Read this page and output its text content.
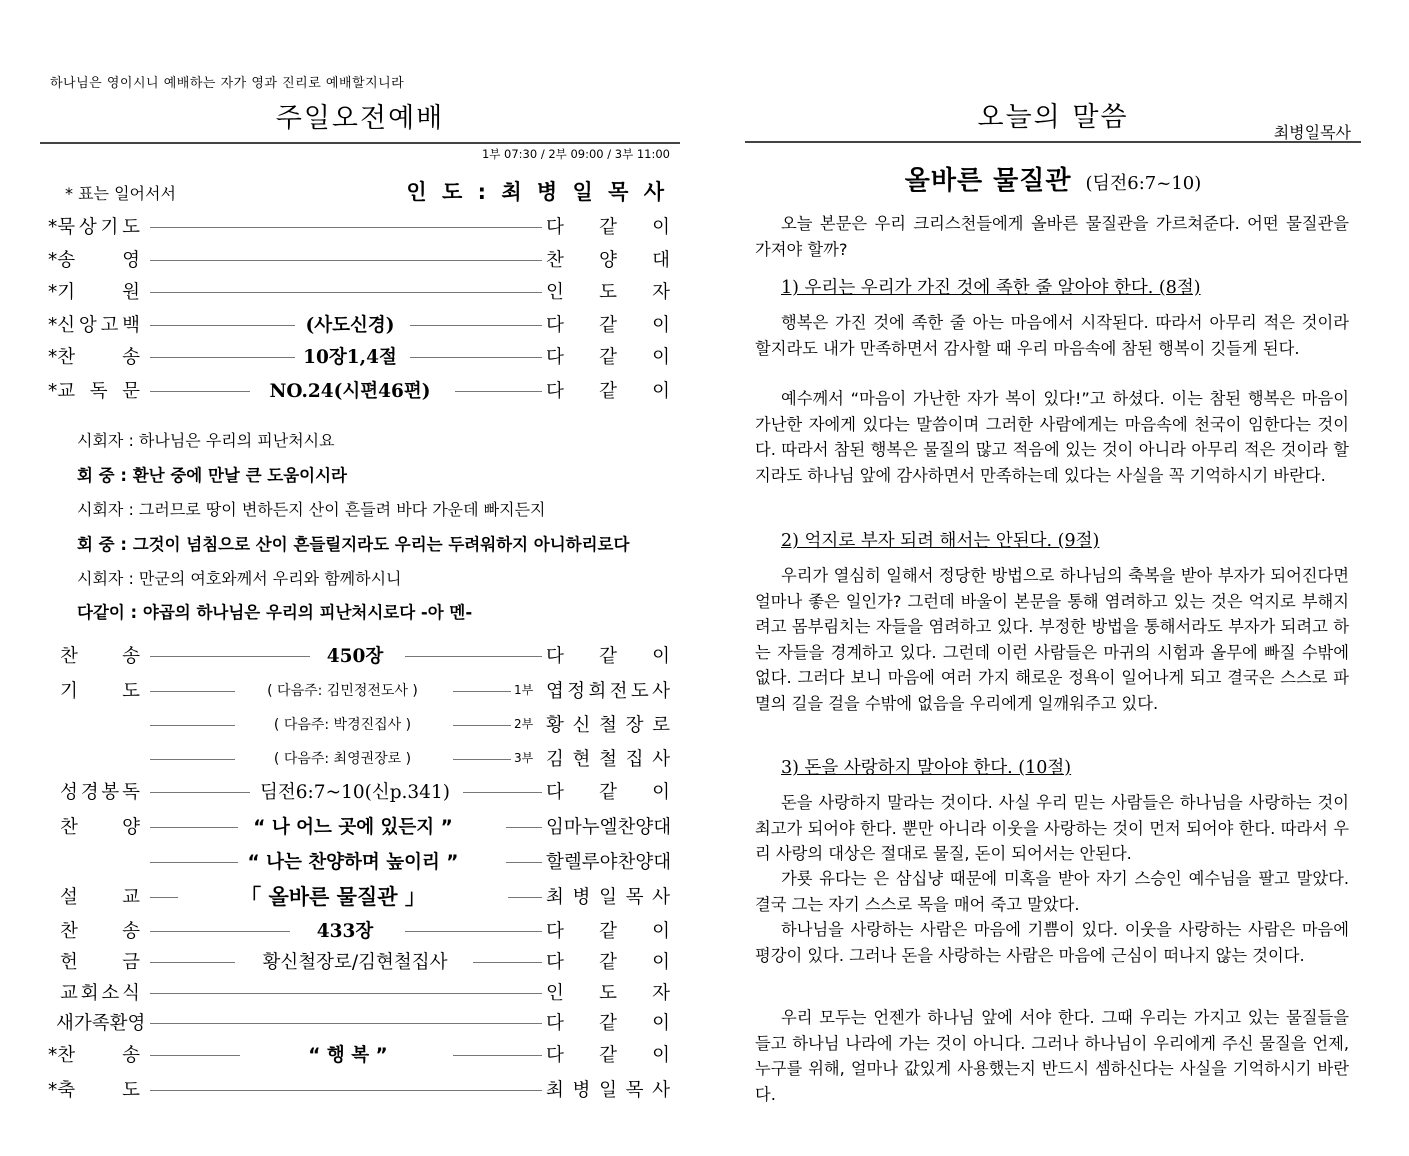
하나님은 영이시니 예배하는 자가 영과 진리로 예배할지니라
주일오전예배
1부 07:30 / 2부 09:00 / 3부 11:00
* 표는 일어서서	인 도 : 최 병 일 목 사
*묵 상 기 도	다 같 이
*송	영	찬 양 대
*기	원	인 도 자
*신 앙 고 백	(사도신경)	다 같 이
*찬	송	10장1,4절	다 같 이
*교 독 문	NO.24(시편46편)	다 같 이
시회자 : 하나님은 우리의 피난처시요
회 중 : 환난 중에 만날 큰 도움이시라
시회자 : 그러므로 땅이 변하든지 산이 흔들려 바다 가운데 빠지든지
회 중 : 그것이 넘침으로 산이 흔들릴지라도 우리는 두려워하지 아니하리로다
시회자 : 만군의 여호와께서 우리와 함께하시니
다같이 : 야곱의 하나님은 우리의 피난처시로다 -아 멘-
찬 송	450장	다 같 이
기 도	( 다음주: 김민정전도사 )	1부 엽 정 희 전 도 사
( 다음주: 박경진집사 )	2부 황 신 철 장 로
( 다음주: 최영권장로 )	3부 김 현 철 집 사
성 경 봉 독	딤전6:7~10(신p.341)	다 같 이
찬 양	“ 나 어느 곳에 있든지 ”	임마누엘찬양대
“ 나는 찬양하며 높이리 ”	할렐루야찬양대
설 교	「 올바른 물질관 」	최 병 일 목 사
찬 송	433장	다 같 이
헌 금	황신철장로/김현철집사	다 같 이
교 회 소 식	인 도 자
새 가 족 환 영	다 같 이
*찬	송	“ 행 복 ”	다 같 이
*축	도	최 병 일 목 사
오늘의 말씀	최병일목사
올바른 물질관 (딤전6:7~10)
오늘 본문은 우리 크리스천들에게 올바른 물질관을 가르쳐준다. 어떤 물질관을 가져야 할까?
1) 우리는 우리가 가진 것에 족한 줄 알아야 한다. (8절)
행복은 가진 것에 족한 줄 아는 마음에서 시작된다. 따라서 아무리 적은 것이라 할지라도 내가 만족하면서 감사할 때 우리 마음속에 참된 행복이 깃들게 된다.
예수께서 “마음이 가난한 자가 복이 있다!”고 하셨다. 이는 참된 행복은 마음이 가난한 자에게 있다는 말씀이며 그러한 사람에게는 마음속에 천국이 임한다는 것이다. 따라서 참된 행복은 물질의 많고 적음에 있는 것이 아니라 아무리 적은 것이라 할지라도 하나님 앞에 감사하면서 만족하는데 있다는 사실을 꼭 기억하시기 바란다.
2) 억지로 부자 되려 해서는 안된다. (9절)
우리가 열심히 일해서 정당한 방법으로 하나님의 축복을 받아 부자가 되어진다면 얼마나 좋은 일인가? 그런데 바울이 본문을 통해 염려하고 있는 것은 억지로 부해지려고 몸부림치는 자들을 염려하고 있다. 부정한 방법을 통해서라도 부자가 되려고 하는 자들을 경계하고 있다. 그런데 이런 사람들은 마귀의 시험과 올무에 빠질 수밖에 없다. 그러다 보니 마음에 여러 가지 해로운 정욕이 일어나게 되고 결국은 스스로 파멸의 길을 걸을 수밖에 없음을 우리에게 일깨워주고 있다.
3) 돈을 사랑하지 말아야 한다. (10절)
돈을 사랑하지 말라는 것이다. 사실 우리 믿는 사람들은 하나님을 사랑하는 것이 최고가 되어야 한다. 뿐만 아니라 이웃을 사랑하는 것이 먼저 되어야 한다. 따라서 우리 사랑의 대상은 절대로 물질, 돈이 되어서는 안된다.
가룟 유다는 은 삼십냥 때문에 미혹을 받아 자기 스승인 예수님을 팔고 말았다. 결국 그는 자기 스스로 목을 매어 죽고 말았다.
하나님을 사랑하는 사람은 마음에 기쁨이 있다. 이웃을 사랑하는 사람은 마음에 평강이 있다. 그러나 돈을 사랑하는 사람은 마음에 근심이 떠나지 않는 것이다.
우리 모두는 언젠가 하나님 앞에 서야 한다. 그때 우리는 가지고 있는 물질들을 들고 하나님 나라에 가는 것이 아니다. 그러나 하나님이 우리에게 주신 물질을 언제, 누구를 위해, 얼마나 값있게 사용했는지 반드시 셈하신다는 사실을 기억하시기 바란다.
